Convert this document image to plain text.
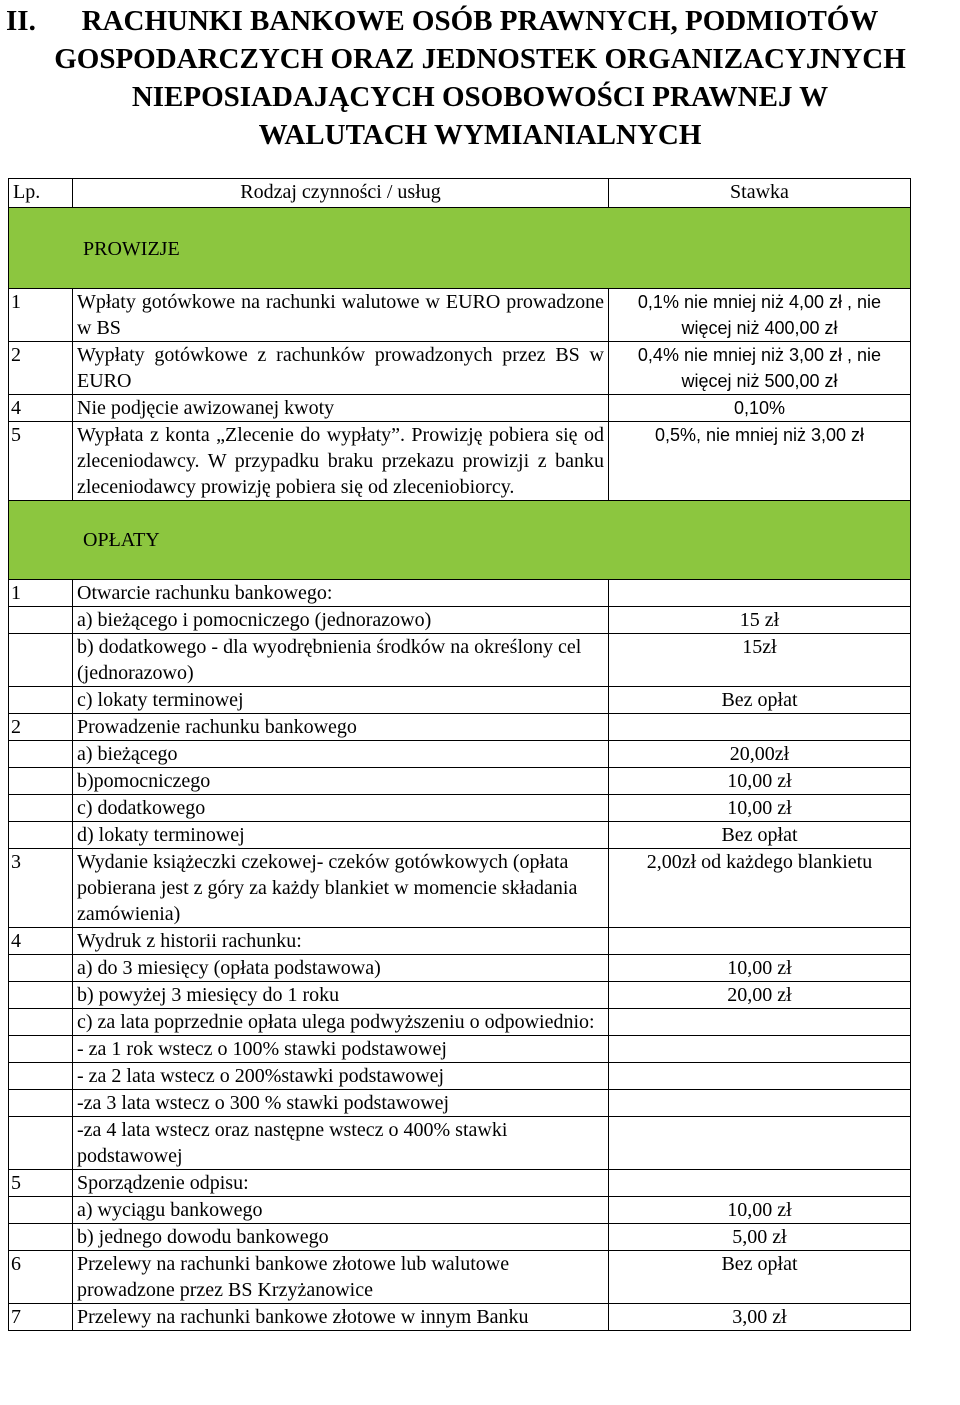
II.	RACHUNKI BANKOWE OSÓB PRAWNYCH, PODMIOTÓW
GOSPODARCZYCH ORAZ JEDNOSTEK ORGANIZACYJNYCH
NIEPOSIADAJĄCYCH OSOBOWOŚCI PRAWNEJ W
WALUTACH WYMIANIALNYCH
Lp.	Rodzaj czynności / usług	Stawka

PROWIZJE		

1	Wpłaty gotówkowe na rachunki walutowe w EURO prowadzone w BS	0,1% nie mniej niż 4,00 zł , nie więcej niż 400,00 zł
2	Wypłaty gotówkowe z rachunków prowadzonych przez BS w EURO	0,4% nie mniej niż 3,00 zł , nie więcej niż 500,00 zł
4	Nie podjęcie awizowanej kwoty	0,10%
5	Wypłata z konta „Zlecenie do wypłaty”. Prowizję pobiera się od zleceniodawcy. W przypadku braku przekazu prowizji z banku zleceniodawcy prowizję pobiera się od zleceniobiorcy.	0,5%, nie mniej niż 3,00 zł

OPŁATY		

1	Otwarcie rachunku bankowego:	
	a) bieżącego i pomocniczego (jednorazowo)	15 zł
	b) dodatkowego - dla wyodrębnienia środków na określony cel (jednorazowo)	15zł
	c) lokaty terminowej	Bez opłat
2	Prowadzenie rachunku bankowego	
	a) bieżącego	20,00zł
	b)pomocniczego	10,00 zł
	c) dodatkowego	10,00 zł
	d) lokaty terminowej	Bez opłat
3	Wydanie książeczki czekowej- czeków gotówkowych (opłata pobierana jest z góry za każdy blankiet w momencie składania zamówienia)	2,00zł od każdego blankietu
4	Wydruk z historii rachunku:	
	a) do 3 miesięcy (opłata podstawowa)	10,00 zł
	b) powyżej 3 miesięcy do 1 roku	20,00 zł
	c) za lata poprzednie opłata ulega podwyższeniu o odpowiednio:	
	- za 1 rok wstecz o 100% stawki podstawowej	
	- za 2 lata wstecz o 200%stawki podstawowej	
	-za 3 lata wstecz o 300 % stawki podstawowej	
	-za 4 lata wstecz oraz następne wstecz o 400% stawki podstawowej	
5	Sporządzenie odpisu:	
	a) wyciągu bankowego	10,00 zł
	b) jednego dowodu bankowego	5,00 zł
6	Przelewy na rachunki bankowe złotowe lub walutowe prowadzone przez BS Krzyżanowice	Bez opłat
7	Przelewy na rachunki bankowe złotowe w innym Banku	3,00 zł
